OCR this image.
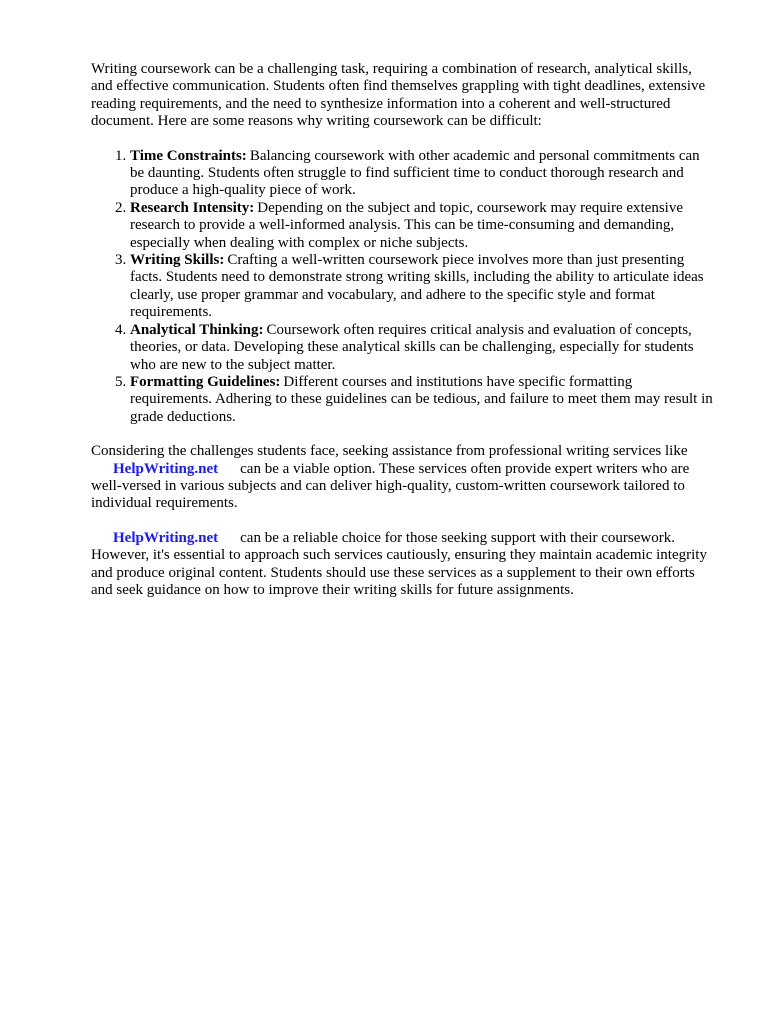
Writing coursework can be a challenging task, requiring a combination of research, analytical skills, and effective communication. Students often find themselves grappling with tight deadlines, extensive reading requirements, and the need to synthesize information into a coherent and well-structured document. Here are some reasons why writing coursework can be difficult:

1. Time Constraints: Balancing coursework with other academic and personal commitments can be daunting. Students often struggle to find sufficient time to conduct thorough research and produce a high-quality piece of work.
2. Research Intensity: Depending on the subject and topic, coursework may require extensive research to provide a well-informed analysis. This can be time-consuming and demanding, especially when dealing with complex or niche subjects.
3. Writing Skills: Crafting a well-written coursework piece involves more than just presenting facts. Students need to demonstrate strong writing skills, including the ability to articulate ideas clearly, use proper grammar and vocabulary, and adhere to the specific style and format requirements.
4. Analytical Thinking: Coursework often requires critical analysis and evaluation of concepts, theories, or data. Developing these analytical skills can be challenging, especially for students who are new to the subject matter.
5. Formatting Guidelines: Different courses and institutions have specific formatting requirements. Adhering to these guidelines can be tedious, and failure to meet them may result in grade deductions.

Considering the challenges students face, seeking assistance from professional writing services like HelpWriting.net can be a viable option. These services often provide expert writers who are well-versed in various subjects and can deliver high-quality, custom-written coursework tailored to individual requirements.

HelpWriting.net can be a reliable choice for those seeking support with their coursework. However, it's essential to approach such services cautiously, ensuring they maintain academic integrity and produce original content. Students should use these services as a supplement to their own efforts and seek guidance on how to improve their writing skills for future assignments.
